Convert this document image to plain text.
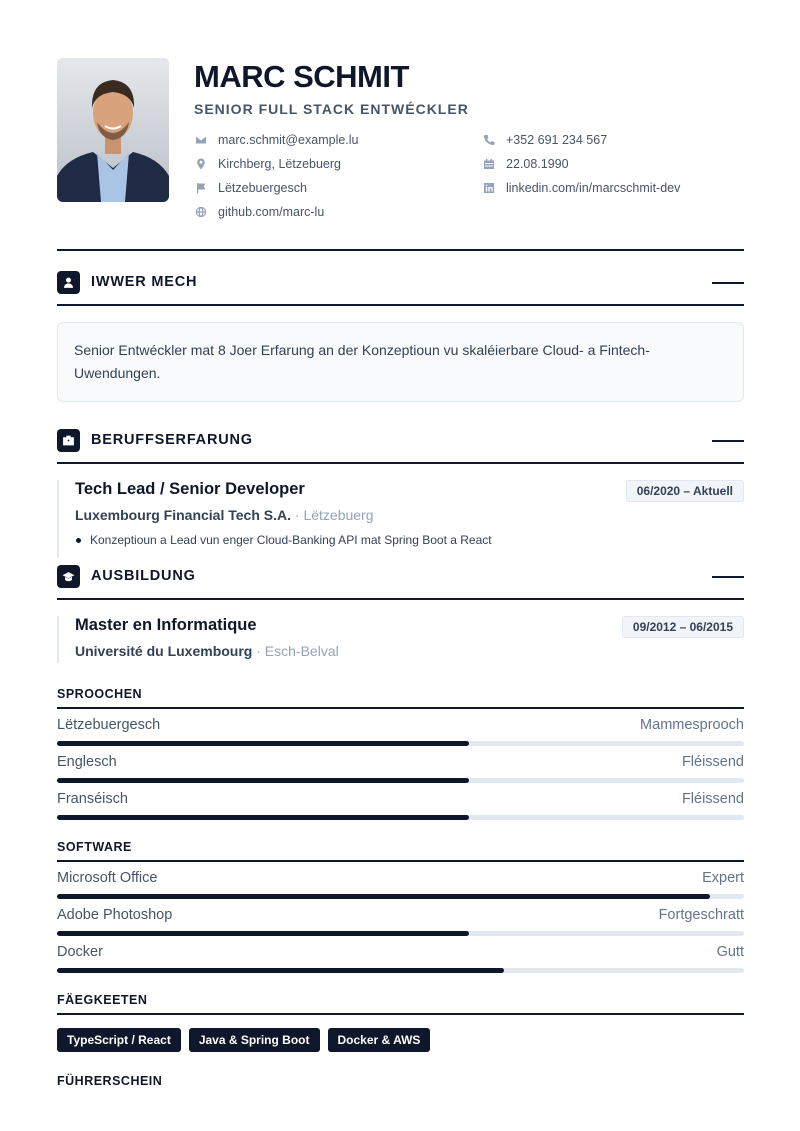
MARC SCHMIT
SENIOR FULL STACK ENTWÉCKLER
marc.schmit@example.lu	+352 691 234 567
Kirchberg, Lëtzebuerg	22.08.1990
Lëtzebuergesch	linkedin.com/in/marcschmit-dev
github.com/marc-lu
IWWER MECH
Senior Entwéckler mat 8 Joer Erfarung an der Konzeptioun vu skaléierbare Cloud- a Fintech-Uwendungen.
BERUFFSERFARUNG
Tech Lead / Senior Developer
Luxembourg Financial Tech S.A. · Lëtzebuerg
Konzeptioun a Lead vun enger Cloud-Banking API mat Spring Boot a React
06/2020 – Aktuell
AUSBILDUNG
Master en Informatique
Université du Luxembourg · Esch-Belval
09/2012 – 06/2015
SPROOCHEN
Lëtzebuergesch	Mammesprooch
Englesch	Fléissend
Franséisch	Fléissend
SOFTWARE
Microsoft Office	Expert
Adobe Photoshop	Fortgeschratt
Docker	Gutt
FÄEGKEETEN
TypeScript / React	Java & Spring Boot	Docker & AWS
FÜHRERSCHEIN
